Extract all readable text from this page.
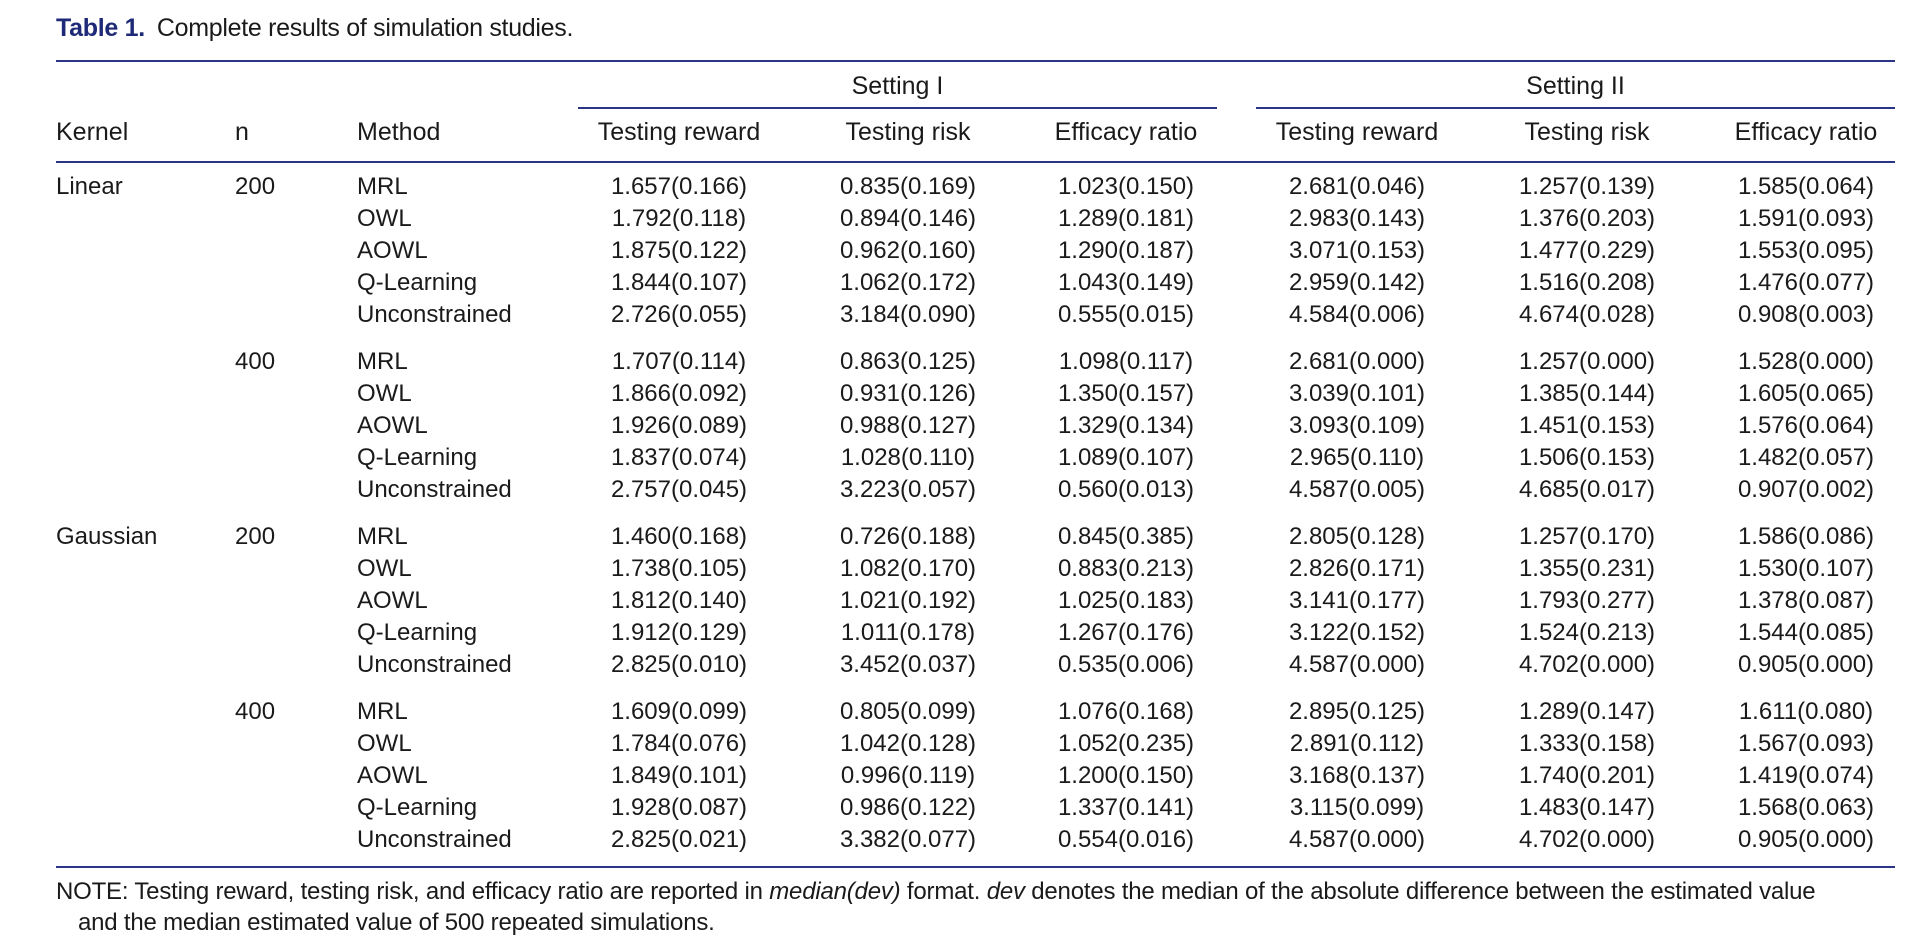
Table 1. Complete results of simulation studies.
Setting I	Setting II
Kernel	n	Method	Testing reward	Testing risk	Efficacy ratio	Testing reward	Testing risk	Efficacy ratio
Linear	200	MRL	1.657(0.166)	0.835(0.169)	1.023(0.150)	2.681(0.046)	1.257(0.139)	1.585(0.064)
OWL	1.792(0.118)	0.894(0.146)	1.289(0.181)	2.983(0.143)	1.376(0.203)	1.591(0.093)
AOWL	1.875(0.122)	0.962(0.160)	1.290(0.187)	3.071(0.153)	1.477(0.229)	1.553(0.095)
Q-Learning	1.844(0.107)	1.062(0.172)	1.043(0.149)	2.959(0.142)	1.516(0.208)	1.476(0.077)
Unconstrained	2.726(0.055)	3.184(0.090)	0.555(0.015)	4.584(0.006)	4.674(0.028)	0.908(0.003)
400	MRL	1.707(0.114)	0.863(0.125)	1.098(0.117)	2.681(0.000)	1.257(0.000)	1.528(0.000)
OWL	1.866(0.092)	0.931(0.126)	1.350(0.157)	3.039(0.101)	1.385(0.144)	1.605(0.065)
AOWL	1.926(0.089)	0.988(0.127)	1.329(0.134)	3.093(0.109)	1.451(0.153)	1.576(0.064)
Q-Learning	1.837(0.074)	1.028(0.110)	1.089(0.107)	2.965(0.110)	1.506(0.153)	1.482(0.057)
Unconstrained	2.757(0.045)	3.223(0.057)	0.560(0.013)	4.587(0.005)	4.685(0.017)	0.907(0.002)
Gaussian	200	MRL	1.460(0.168)	0.726(0.188)	0.845(0.385)	2.805(0.128)	1.257(0.170)	1.586(0.086)
OWL	1.738(0.105)	1.082(0.170)	0.883(0.213)	2.826(0.171)	1.355(0.231)	1.530(0.107)
AOWL	1.812(0.140)	1.021(0.192)	1.025(0.183)	3.141(0.177)	1.793(0.277)	1.378(0.087)
Q-Learning	1.912(0.129)	1.011(0.178)	1.267(0.176)	3.122(0.152)	1.524(0.213)	1.544(0.085)
Unconstrained	2.825(0.010)	3.452(0.037)	0.535(0.006)	4.587(0.000)	4.702(0.000)	0.905(0.000)
400	MRL	1.609(0.099)	0.805(0.099)	1.076(0.168)	2.895(0.125)	1.289(0.147)	1.611(0.080)
OWL	1.784(0.076)	1.042(0.128)	1.052(0.235)	2.891(0.112)	1.333(0.158)	1.567(0.093)
AOWL	1.849(0.101)	0.996(0.119)	1.200(0.150)	3.168(0.137)	1.740(0.201)	1.419(0.074)
Q-Learning	1.928(0.087)	0.986(0.122)	1.337(0.141)	3.115(0.099)	1.483(0.147)	1.568(0.063)
Unconstrained	2.825(0.021)	3.382(0.077)	0.554(0.016)	4.587(0.000)	4.702(0.000)	0.905(0.000)
NOTE: Testing reward, testing risk, and efficacy ratio are reported in median(dev) format. dev denotes the median of the absolute difference between the estimated value
and the median estimated value of 500 repeated simulations.
